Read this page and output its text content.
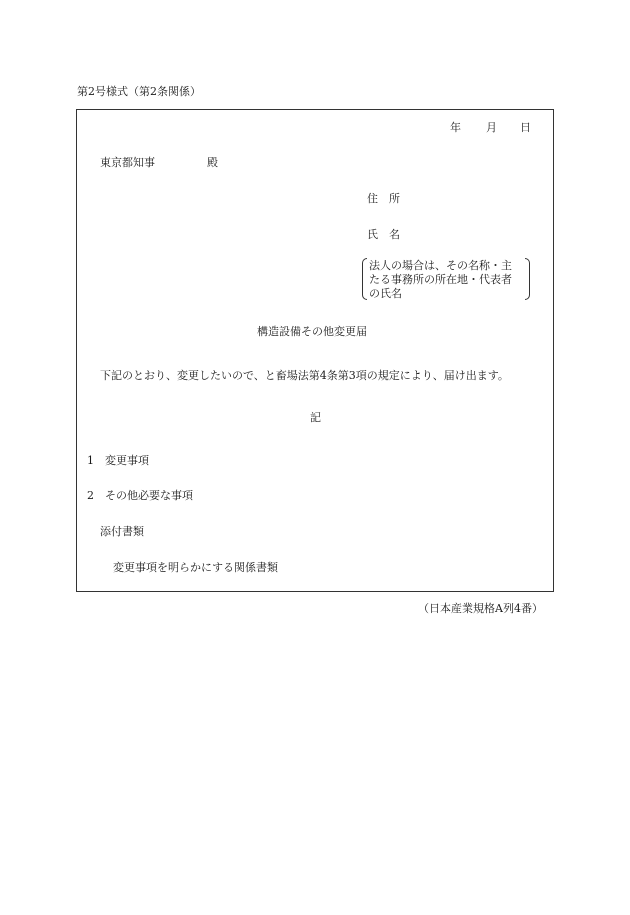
第2号様式（第2条関係）
年 月 日
東京都知事	殿
住　所
氏　名
法人の場合は、その名称・主
たる事務所の所在地・代表者
の氏名
構造設備その他変更届
下記のとおり、変更したいので、と畜場法第4条第3項の規定により、届け出ます。
記
1　変更事項
2　その他必要な事項
添付書類
変更事項を明らかにする関係書類
（日本産業規格A列4番）
